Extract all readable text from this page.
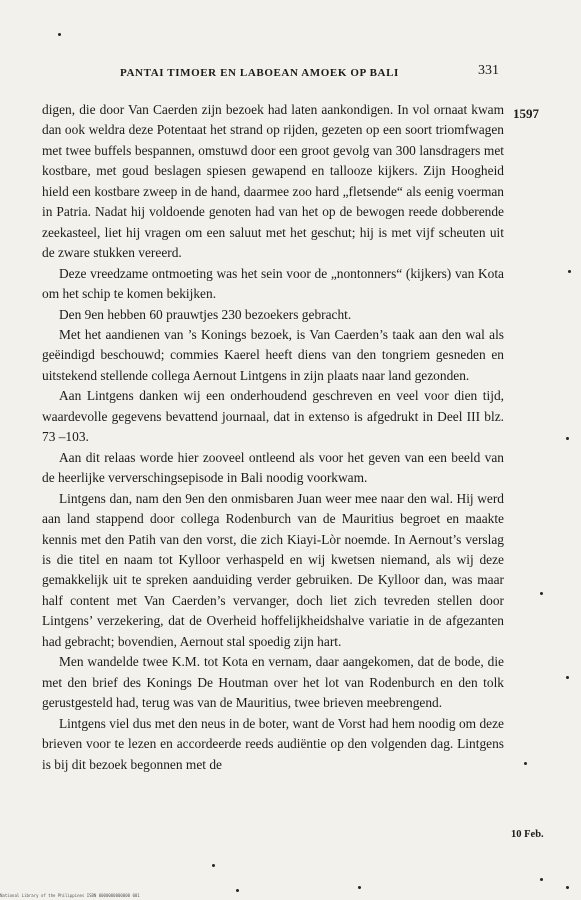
PANTAI TIMOER EN LABOEAN AMOEK OP BALI	331
1597

digen, die door Van Caerden zijn bezoek had laten aankondigen. In vol ornaat kwam dan ook weldra deze Potentaat het strand op rijden, gezeten op een soort triomfwagen met twee buffels bespannen, omstuwd door een groot gevolg van 300 lansdragers met kostbare, met goud beslagen spiesen gewapend en tallooze kijkers. Zijn Hoogheid hield een kostbare zweep in de hand, daarmee zoo hard „fletsende“ als eenig voerman in Patria. Nadat hij voldoende genoten had van het op de bewogen reede dobberende zeekasteel, liet hij vragen om een saluut met het geschut; hij is met vijf scheuten uit de zware stukken vereerd.

Deze vreedzame ontmoeting was het sein voor de „nontonners“ (kijkers) van Kota om het schip te komen bekijken.

Den 9en hebben 60 prauwtjes 230 bezoekers gebracht.

Met het aandienen van ’s Konings bezoek, is Van Caerden’s taak aan den wal als geëindigd beschouwd; commies Kaerel heeft diens van den tongriem gesneden en uitstekend stellende collega Aernout Lintgens in zijn plaats naar land gezonden.

Aan Lintgens danken wij een onderhoudend geschreven en veel voor dien tijd, waardevolle gegevens bevattend journaal, dat in extenso is afgedrukt in Deel III blz. 73 –103.

Aan dit relaas worde hier zooveel ontleend als voor het geven van een beeld van de heerlijke ververschingsepisode in Bali noodig voorkwam.

Lintgens dan, nam den 9en den onmisbaren Juan weer mee naar den wal. Hij werd aan land stappend door collega Rodenburch van de Mauritius begroet en maakte kennis met den Patih van den vorst, die zich Kiayi-Lòr noemde. In Aernout’s verslag is die titel en naam tot Kylloor verhaspeld en wij kwetsen niemand, als wij deze gemakkelijk uit te spreken aanduiding verder gebruiken. De Kylloor dan, was maar half content met Van Caerden’s vervanger, doch liet zich tevreden stellen door Lintgens’ verzekering, dat de Overheid hoffelijkheidshalve variatie in de afgezanten had gebracht; bovendien, Aernout stal spoedig zijn hart.

Men wandelde twee K.M. tot Kota en vernam, daar aangekomen, dat de bode, die met den brief des Konings De Houtman over het lot van Rodenburch en den tolk gerustgesteld had, terug was van de Mauritius, twee brieven meebrengend.

Lintgens viel dus met den neus in de boter, want de Vorst had hem noodig om deze brieven voor te lezen en accordeerde reeds audiëntie op den volgenden dag. Lintgens is bij dit bezoek begonnen met de

10 Feb.
National Library of the Philippines ISBN 0000000000000 001
